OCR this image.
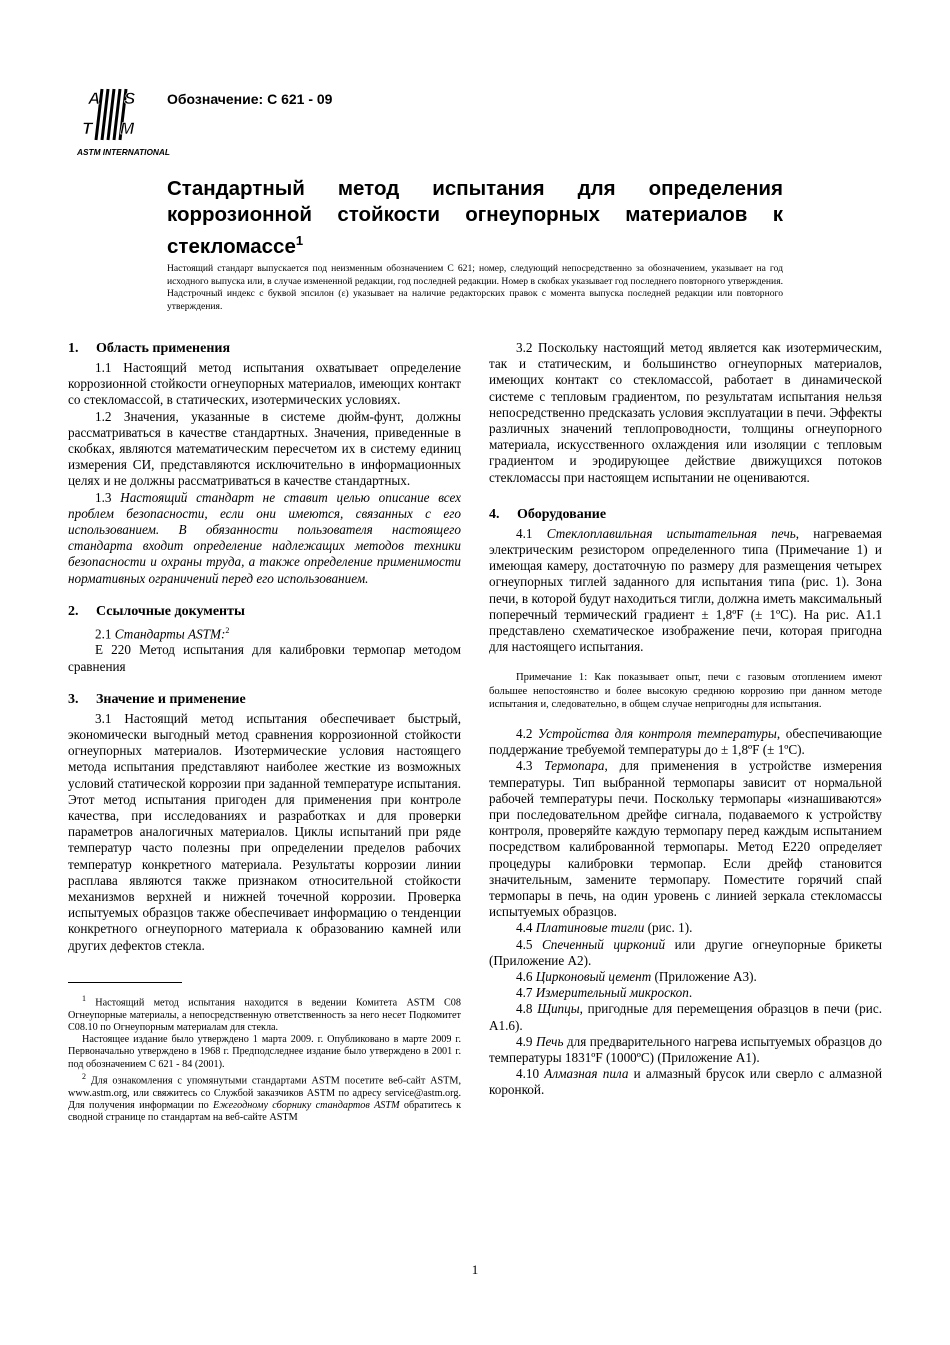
A S
T M
ASTM INTERNATIONAL
Обозначение: C 621 - 09
Стандартный метод испытания для определения коррозионной стойкости огнеупорных материалов к стекломассе$^1$

Настоящий стандарт выпускается под неизменным обозначением C 621; номер, следующий непосредственно за обозначением, указывает на год исходного выпуска или, в случае измененной редакции, год последней редакции. Номер в скобках указывает год последнего повторного утверждения. Надстрочный индекс с буквой эпсилон (ε) указывает на наличие редакторских правок с момента выпуска последней редакции или повторного утверждения.

1. Область применения

1.1 Настоящий метод испытания охватывает определение коррозионной стойкости огнеупорных материалов, имеющих контакт со стекломассой, в статических, изотермических условиях.

1.2 Значения, указанные в системе дюйм-фунт, должны рассматриваться в качестве стандартных. Значения, приведенные в скобках, являются математическим пересчетом их в систему единиц измерения СИ, представляются исключительно в информационных целях и не должны рассматриваться в качестве стандартных.

1.3 Настоящий стандарт не ставит целью описание всех проблем безопасности, если они имеются, связанных с его использованием. В обязанности пользователя настоящего стандарта входит определение надлежащих методов техники безопасности и охраны труда, а также определение применимости нормативных ограничений перед его использованием.

2. Ссылочные документы

2.1 Стандарты ASTM:$^2$

E 220 Метод испытания для калибровки термопар методом сравнения

3. Значение и применение

3.1 Настоящий метод испытания обеспечивает быстрый, экономически выгодный метод сравнения коррозионной стойкости огнеупорных материалов. Изотермические условия настоящего метода испытания представляют наиболее жесткие из возможных условий статической коррозии при заданной температуре испытания. Этот метод испытания пригоден для применения при контроле качества, при исследованиях и разработках и для проверки параметров аналогичных материалов. Циклы испытаний при ряде температур часто полезны при определении пределов рабочих температур конкретного материала. Результаты коррозии линии расплава являются также признаком относительной стойкости механизмов верхней и нижней точечной коррозии. Проверка испытуемых образцов также обеспечивает информацию о тенденции конкретного огнеупорного материала к образованию камней или других дефектов стекла.

$^1$ Настоящий метод испытания находится в ведении Комитета ASTM C08 Огнеупорные материалы, а непосредственную ответственность за него несет Подкомитет C08.10 по Огнеупорным материалам для стекла.

Настоящее издание было утверждено 1 марта 2009. г. Опубликовано в марте 2009 г. Первоначально утверждено в 1968 г. Предподследнее издание было утверждено в 2001 г. под обозначением C 621 - 84 (2001).

$^2$ Для ознакомления с упомянутыми стандартами ASTM посетите веб-сайт ASTM, www.astm.org, или свяжитесь со Службой заказчиков ASTM по адресу service@astm.org. Для получения информации по Ежегодному сборнику стандартов ASTM обратитесь к сводной странице по стандартам на веб-сайте ASTM

3.2 Поскольку настоящий метод является как изотермическим, так и статическим, и большинство огнеупорных материалов, имеющих контакт со стекломассой, работает в динамической системе с тепловым градиентом, по результатам испытания нельзя непосредственно предсказать условия эксплуатации в печи. Эффекты различных значений теплопроводности, толщины огнеупорного материала, искусственного охлаждения или изоляции с тепловым градиентом и эродирующее действие движущихся потоков стекломассы при настоящем испытании не оцениваются.

4. Оборудование

4.1 Стеклоплавильная испытательная печь, нагреваемая электрическим резистором определенного типа (Примечание 1) и имеющая камеру, достаточную по размеру для размещения четырех огнеупорных тиглей заданного для испытания типа (рис. 1). Зона печи, в которой будут находиться тигли, должна иметь максимальный поперечный термический градиент ± 1,8ºF (± 1ºC). На рис. A1.1 представлено схематическое изображение печи, которая пригодна для настоящего испытания.

Примечание 1: Как показывает опыт, печи с газовым отоплением имеют большее непостоянство и более высокую среднюю коррозию при данном методе испытания и, следовательно, в общем случае непригодны для испытания.

4.2 Устройства для контроля температуры, обеспечивающие поддержание требуемой температуры до ± 1,8ºF (± 1ºC).

4.3 Термопара, для применения в устройстве измерения температуры. Тип выбранной термопары зависит от нормальной рабочей температуры печи. Поскольку термопары «изнашиваются» при последовательном дрейфе сигнала, подаваемого к устройству контроля, проверяйте каждую термопару перед каждым испытанием посредством калиброванной термопары. Метод E220 определяет процедуры калибровки термопар. Если дрейф становится значительным, замените термопару. Поместите горячий спай термопары в печь, на один уровень с линией зеркала стекломассы испытуемых образцов.

4.4 Платиновые тигли (рис. 1).

4.5 Спеченный цирконий или другие огнеупорные брикеты (Приложение A2).

4.6 Цирконовый цемент (Приложение A3).

4.7 Измерительный микроскоп.

4.8 Щипцы, пригодные для перемещения образцов в печи (рис. A1.6).

4.9 Печь для предварительного нагрева испытуемых образцов до температуры 1831ºF (1000ºC) (Приложение A1).

4.10 Алмазная пила и алмазный брусок или сверло с алмазной коронкой.

1
